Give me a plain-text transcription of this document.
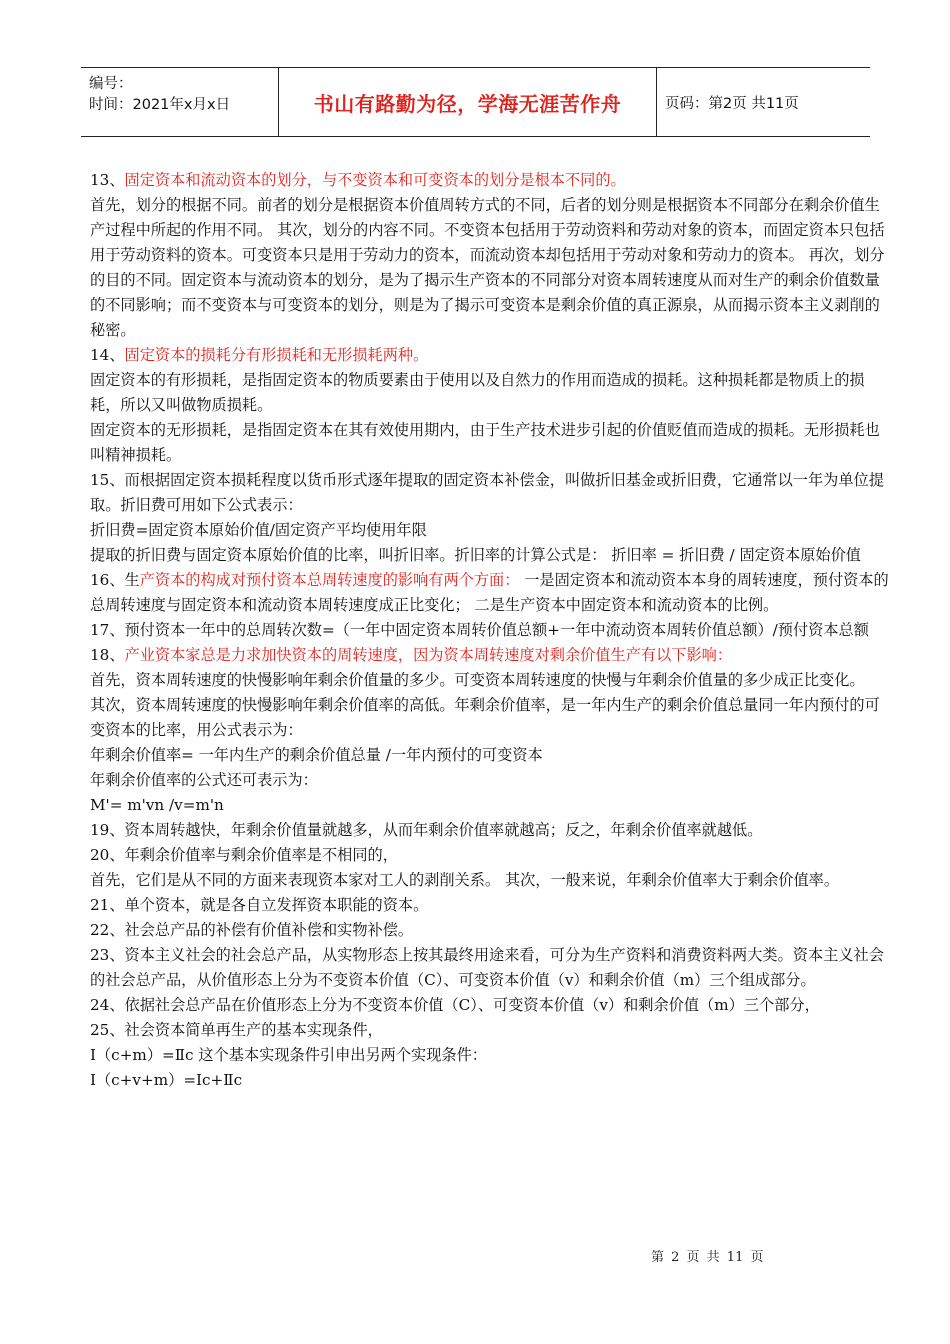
编号：
时间：2021年x月x日	书山有路勤为径，学海无涯苦作舟	页码：第2页 共11页

13、固定资本和流动资本的划分，与不变资本和可变资本的划分是根本不同的。

首先，划分的根据不同。前者的划分是根据资本价值周转方式的不同，后者的划分则是根据资本不同部分在剩余价值生产过程中所起的作用不同。 其次，划分的内容不同。不变资本包括用于劳动资料和劳动对象的资本，而固定资本只包括用于劳动资料的资本。可变资本只是用于劳动力的资本，而流动资本却包括用于劳动对象和劳动力的资本。 再次，划分的目的不同。固定资本与流动资本的划分，是为了揭示生产资本的不同部分对资本周转速度从而对生产的剩余价值数量的不同影响；而不变资本与可变资本的划分，则是为了揭示可变资本是剩余价值的真正源泉，从而揭示资本主义剥削的秘密。

14、固定资本的损耗分有形损耗和无形损耗两种。

固定资本的有形损耗，是指固定资本的物质要素由于使用以及自然力的作用而造成的损耗。这种损耗都是物质上的损耗，所以又叫做物质损耗。

固定资本的无形损耗，是指固定资本在其有效使用期内，由于生产技术进步引起的价值贬值而造成的损耗。无形损耗也叫精神损耗。

15、而根据固定资本损耗程度以货币形式逐年提取的固定资本补偿金，叫做折旧基金或折旧费，它通常以一年为单位提取。折旧费可用如下公式表示：

折旧费=固定资本原始价值/固定资产平均使用年限

提取的折旧费与固定资本原始价值的比率，叫折旧率。折旧率的计算公式是： 折旧率 = 折旧费 / 固定资本原始价值

16、生产资本的构成对预付资本总周转速度的影响有两个方面： 一是固定资本和流动资本本身的周转速度，预付资本的总周转速度与固定资本和流动资本周转速度成正比变化； 二是生产资本中固定资本和流动资本的比例。

17、预付资本一年中的总周转次数=（一年中固定资本周转价值总额+一年中流动资本周转价值总额）/预付资本总额

18、产业资本家总是力求加快资本的周转速度，因为资本周转速度对剩余价值生产有以下影响：

首先，资本周转速度的快慢影响年剩余价值量的多少。可变资本周转速度的快慢与年剩余价值量的多少成正比变化。

其次，资本周转速度的快慢影响年剩余价值率的高低。年剩余价值率，是一年内生产的剩余价值总量同一年内预付的可变资本的比率，用公式表示为：

年剩余价值率= 一年内生产的剩余价值总量 /一年内预付的可变资本

年剩余价值率的公式还可表示为：

M'= m'vn /v=m'n

19、资本周转越快，年剩余价值量就越多，从而年剩余价值率就越高；反之，年剩余价值率就越低。

20、年剩余价值率与剩余价值率是不相同的，

首先，它们是从不同的方面来表现资本家对工人的剥削关系。 其次，一般来说，年剩余价值率大于剩余价值率。

21、单个资本，就是各自立发挥资本职能的资本。

22、社会总产品的补偿有价值补偿和实物补偿。

23、资本主义社会的社会总产品，从实物形态上按其最终用途来看，可分为生产资料和消费资料两大类。资本主义社会的社会总产品，从价值形态上分为不变资本价值（C）、可变资本价值（v）和剩余价值（m）三个组成部分。

24、依据社会总产品在价值形态上分为不变资本价值（C）、可变资本价值（v）和剩余价值（m）三个部分，

25、社会资本简单再生产的基本实现条件，

Ⅰ（c+m）=Ⅱc 这个基本实现条件引申出另两个实现条件：

Ⅰ（c+v+m）=Ic+Ⅱc

第 2 页 共 11 页
